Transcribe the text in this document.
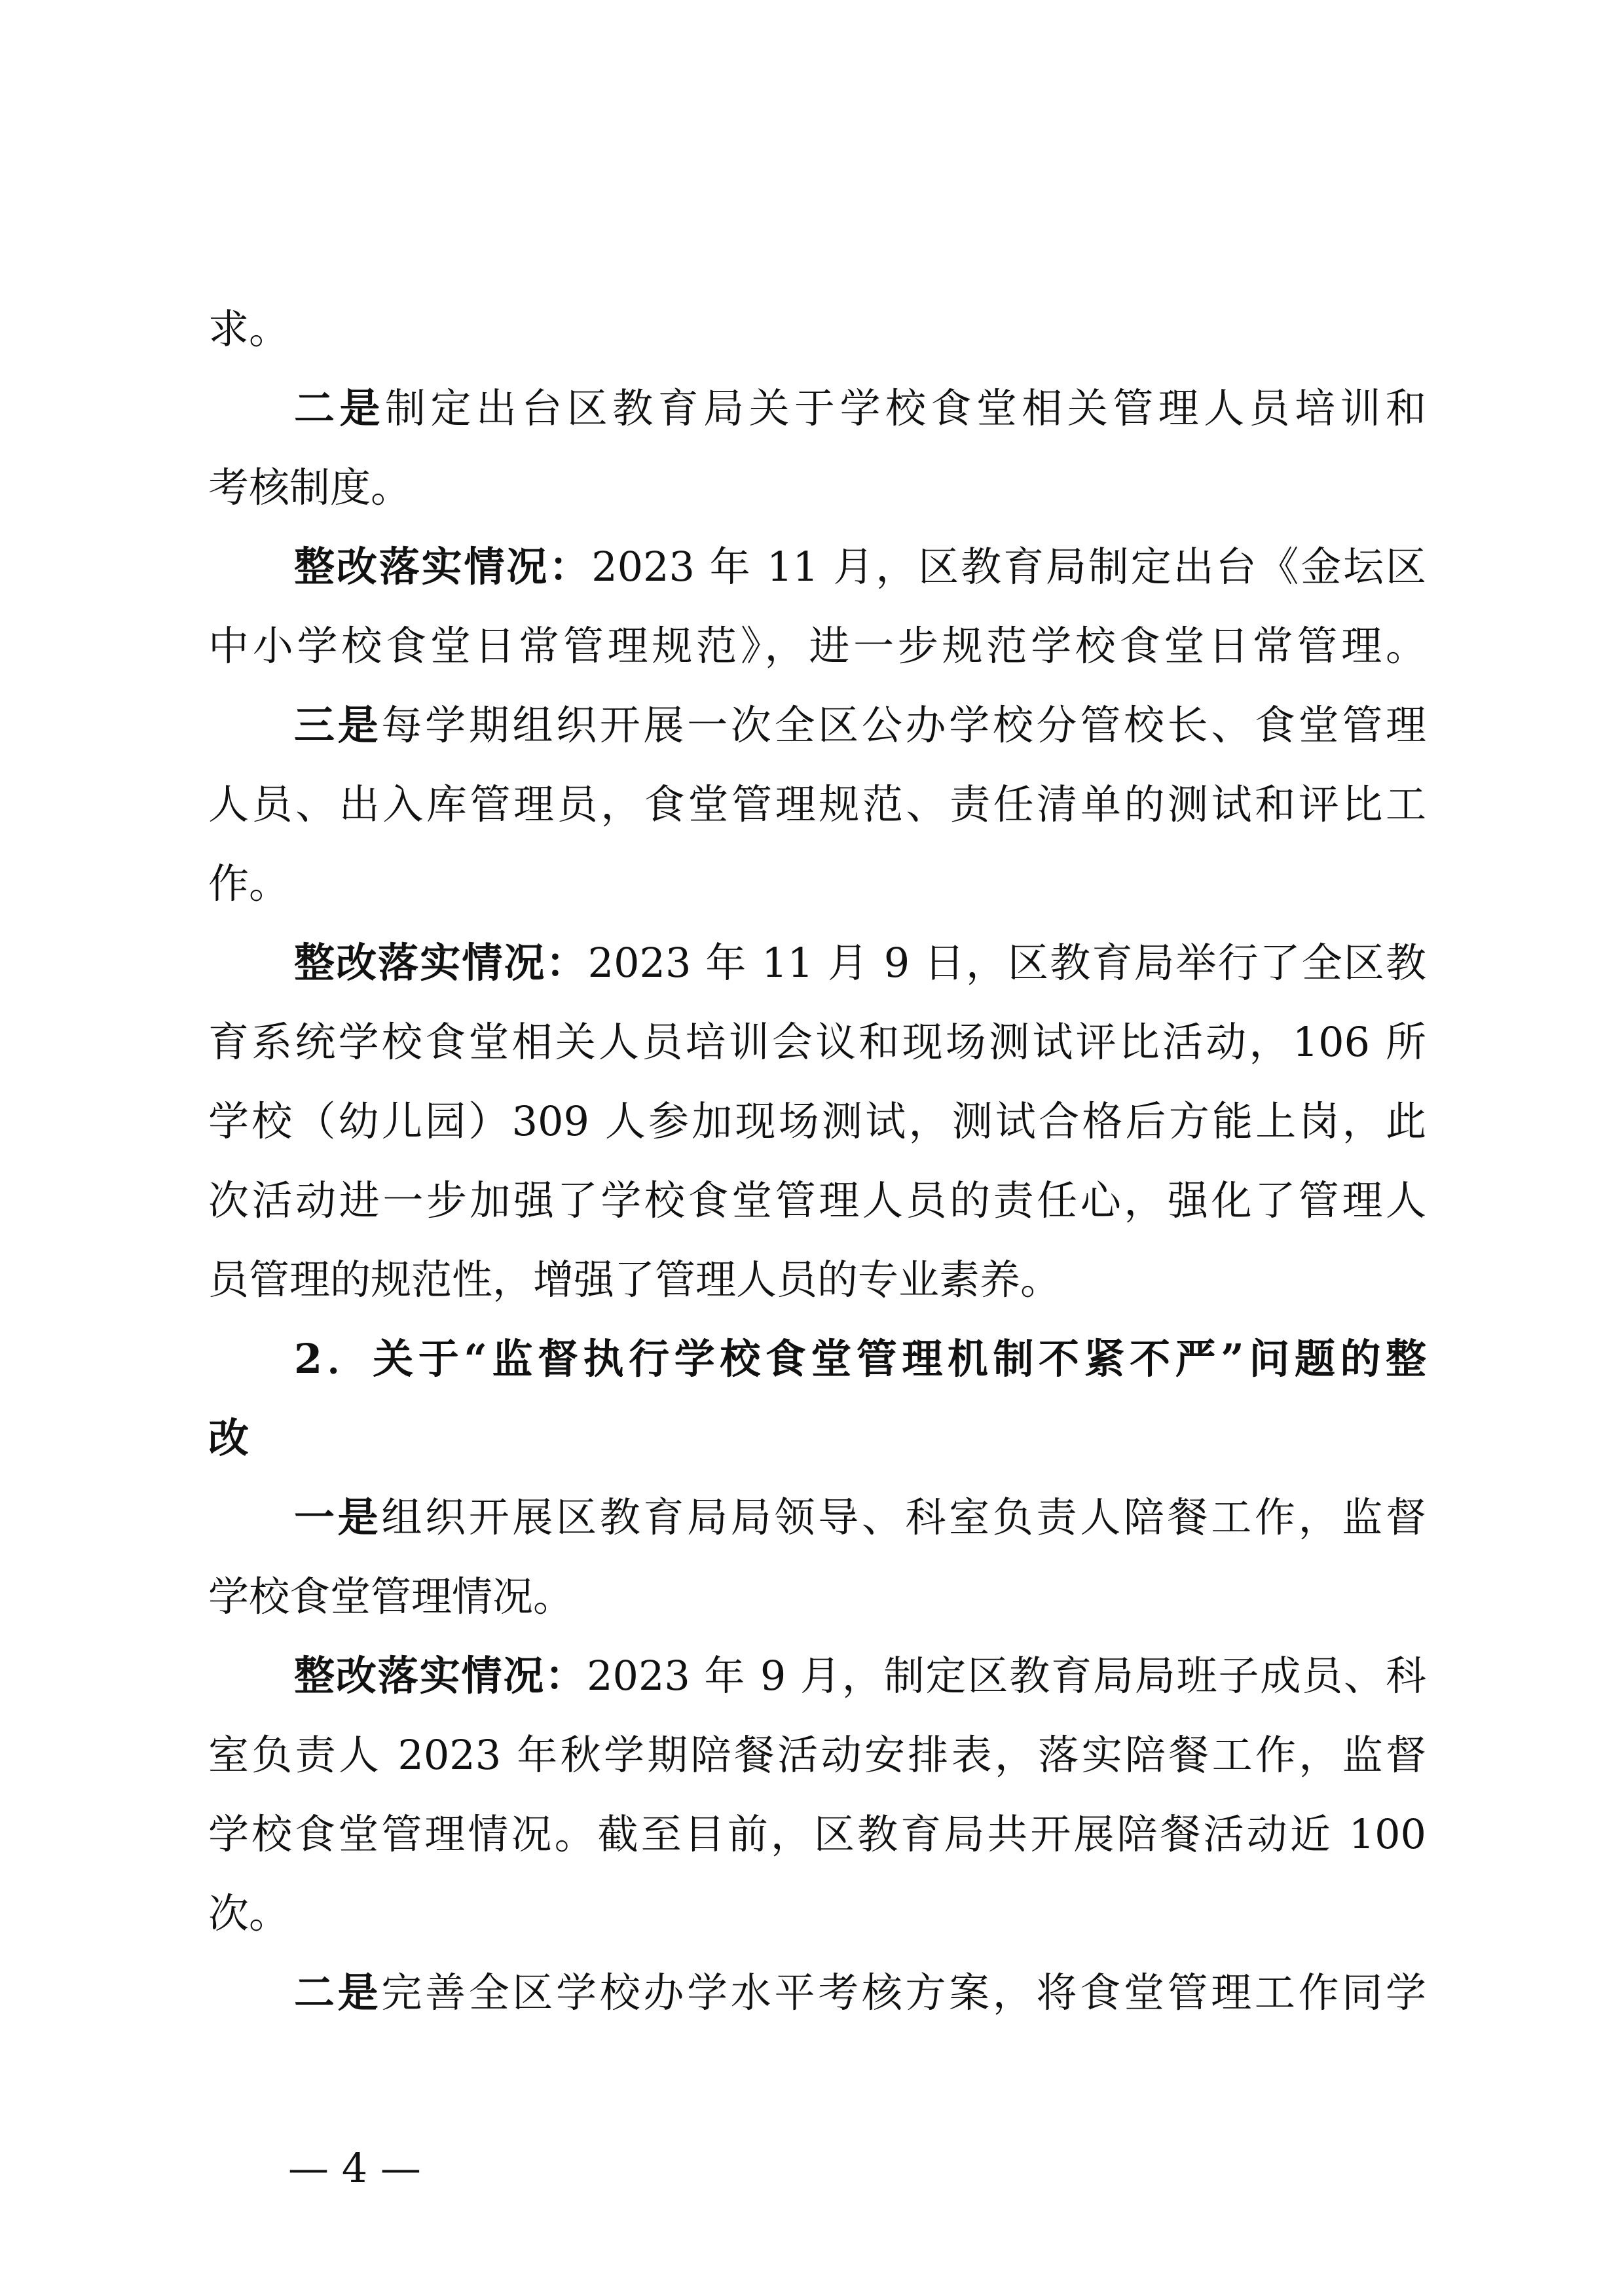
求。
二是制定出台区教育局关于学校食堂相关管理人员培训和
考核制度。
整改落实情况：2023 年 11 月，区教育局制定出台《金坛区
中小学校食堂日常管理规范》，进一步规范学校食堂日常管理。
三是每学期组织开展一次全区公办学校分管校长、食堂管理
人员、出入库管理员，食堂管理规范、责任清单的测试和评比工
作。
整改落实情况：2023 年 11 月 9 日，区教育局举行了全区教
育系统学校食堂相关人员培训会议和现场测试评比活动，106 所
学校（幼儿园）309 人参加现场测试，测试合格后方能上岗，此
次活动进一步加强了学校食堂管理人员的责任心，强化了管理人
员管理的规范性，增强了管理人员的专业素养。
2．关于“监督执行学校食堂管理机制不紧不严”问题的整
改
一是组织开展区教育局局领导、科室负责人陪餐工作，监督
学校食堂管理情况。
整改落实情况：2023 年 9 月，制定区教育局局班子成员、科
室负责人 2023 年秋学期陪餐活动安排表，落实陪餐工作，监督
学校食堂管理情况。截至目前，区教育局共开展陪餐活动近 100
次。
二是完善全区学校办学水平考核方案，将食堂管理工作同学
— 4 —
